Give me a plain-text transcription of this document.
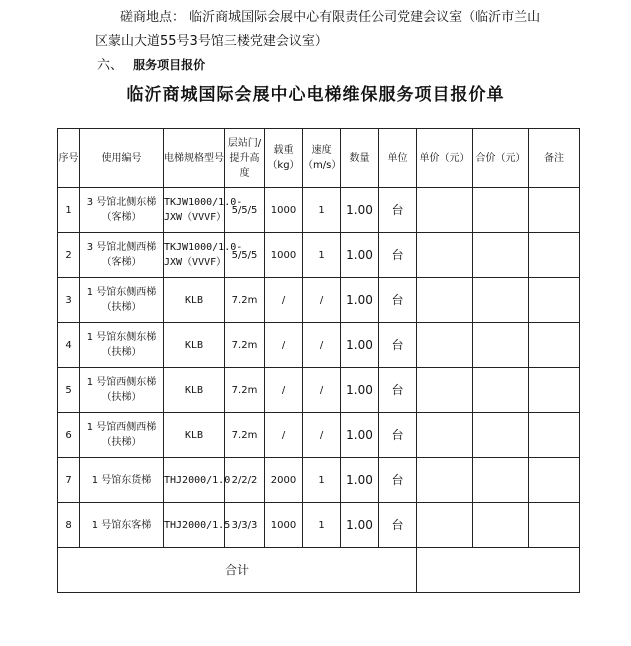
磋商地点： 临沂商城国际会展中心有限责任公司党建会议室（临沂市兰山
区蒙山大道55号3号馆三楼党建会议室）
六、 服务项目报价
临沂商城国际会展中心电梯维保服务项目报价单
序号	使用编号	电梯规格型号	层站门/提升高度	载重（kg）	速度（m/s）	数量	单位	单价（元）	合价（元）	备注
1	3 号馆北侧东梯（客梯）	TKJW1000/1.0-JXW（VVVF）	5/5/5	1000	1	1.00	台			
2	3 号馆北侧西梯（客梯）	TKJW1000/1.0-JXW（VVVF）	5/5/5	1000	1	1.00	台			
3	1 号馆东侧西梯（扶梯）	KLB	7.2m	/	/	1.00	台			
4	1 号馆东侧东梯（扶梯）	KLB	7.2m	/	/	1.00	台			
5	1 号馆西侧东梯（扶梯）	KLB	7.2m	/	/	1.00	台			
6	1 号馆西侧西梯（扶梯）	KLB	7.2m	/	/	1.00	台			
7	1 号馆东货梯	THJ2000/1.0	2/2/2	2000	1	1.00	台			
8	1 号馆东客梯	THJ2000/1.5	3/3/3	1000	1	1.00	台			
合计										
